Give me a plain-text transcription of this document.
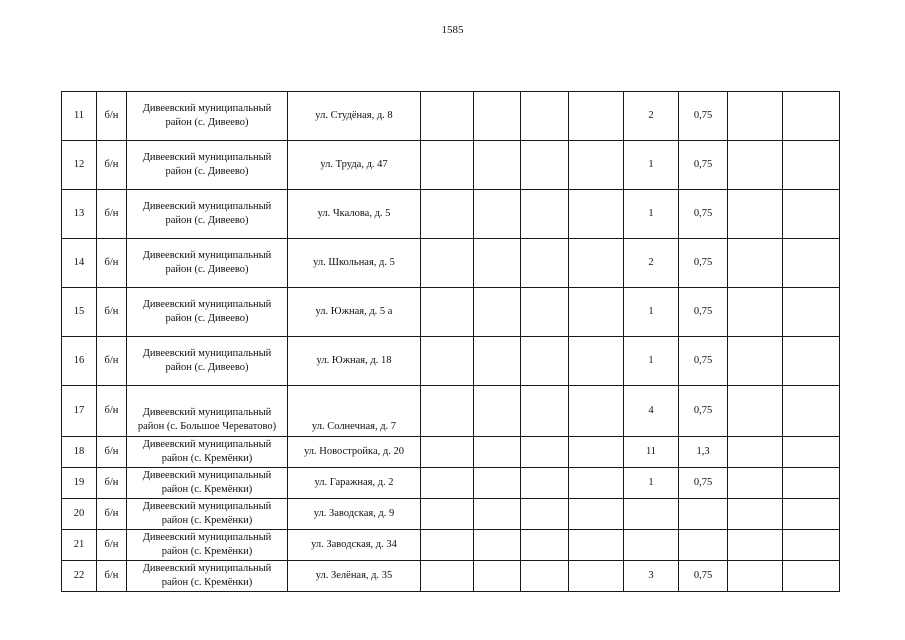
1585
11	б/н	Дивеевский муниципальный
район (с. Дивеево)	ул. Студёная, д. 8					2	0,75		
12	б/н	Дивеевский муниципальный
район (с. Дивеево)	ул. Труда, д. 47					1	0,75		
13	б/н	Дивеевский муниципальный
район (с. Дивеево)	ул. Чкалова, д. 5					1	0,75		
14	б/н	Дивеевский муниципальный
район (с. Дивеево)	ул. Школьная, д. 5					2	0,75		
15	б/н	Дивеевский муниципальный
район (с. Дивеево)	ул. Южная, д. 5 а					1	0,75		
16	б/н	Дивеевский муниципальный
район (с. Дивеево)	ул. Южная, д. 18					1	0,75		
17	б/н	Дивеевский муниципальный
район (с. Большое Череватово)	ул. Солнечная, д. 7					4	0,75		
18	б/н	Дивеевский муниципальный
район (с. Кремёнки)	ул. Новостройка, д. 20					11	1,3		
19	б/н	Дивеевский муниципальный
район (с. Кремёнки)	ул. Гаражная, д. 2					1	0,75		
20	б/н	Дивеевский муниципальный
район (с. Кремёнки)	ул. Заводская, д. 9								
21	б/н	Дивеевский муниципальный
район (с. Кремёнки)	ул. Заводская, д. 34								
22	б/н	Дивеевский муниципальный
район (с. Кремёнки)	ул. Зелёная, д. 35					3	0,75		
